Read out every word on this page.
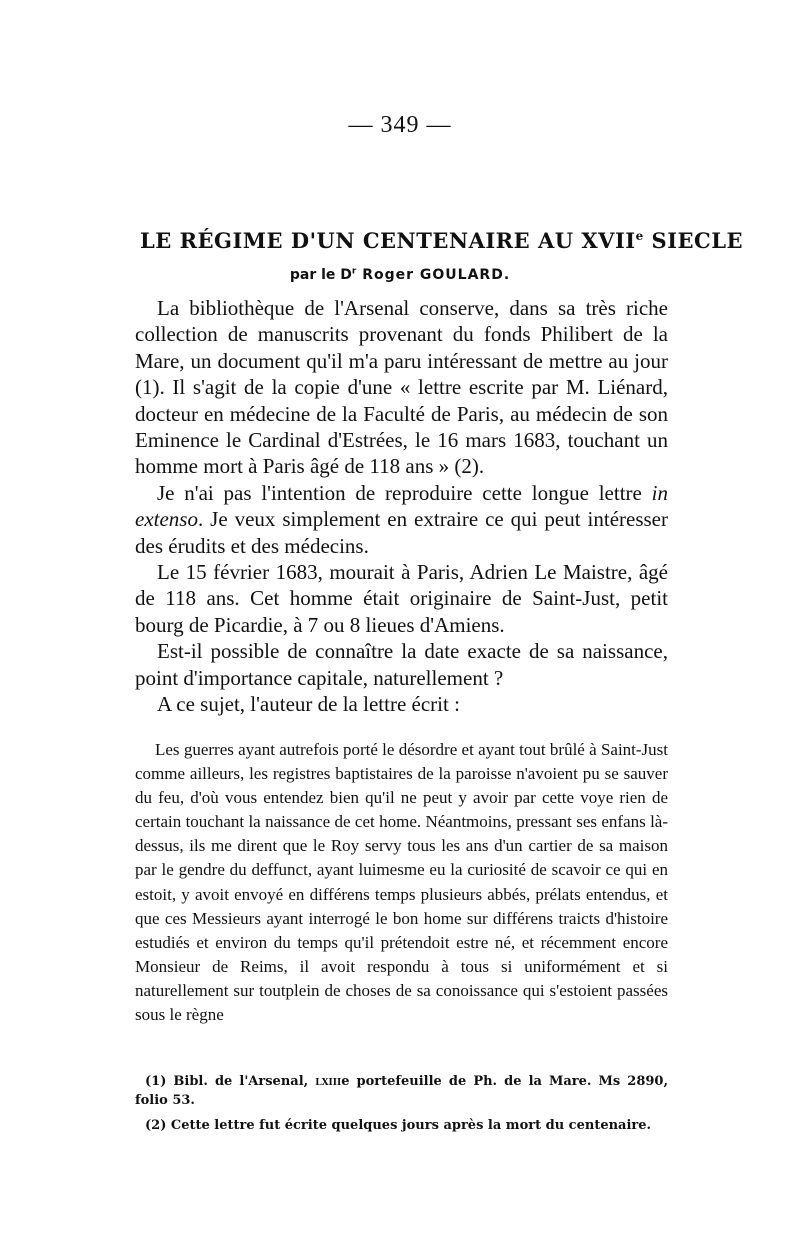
— 349 —
LE RÉGIME D'UN CENTENAIRE AU XVIIe SIECLE
par le $D^r$ Roger GOULARD.

La bibliothèque de l'Arsenal conserve, dans sa très riche collection de manuscrits provenant du fonds Philibert de la Mare, un document qu'il m'a paru intéressant de mettre au jour (1). Il s'agit de la copie d'une « lettre escrite par M. Liénard, docteur en médecine de la Faculté de Paris, au médecin de son Eminence le Cardinal d'Estrées, le 16 mars 1683, touchant un homme mort à Paris âgé de 118 ans » (2).

Je n'ai pas l'intention de reproduire cette longue lettre in extenso. Je veux simplement en extraire ce qui peut intéresser des érudits et des médecins.

Le 15 février 1683, mourait à Paris, Adrien Le Maistre, âgé de 118 ans. Cet homme était originaire de Saint-Just, petit bourg de Picardie, à 7 ou 8 lieues d'Amiens.

Est-il possible de connaître la date exacte de sa naissance, point d'importance capitale, naturellement ?

A ce sujet, l'auteur de la lettre écrit :

Les guerres ayant autrefois porté le désordre et ayant tout brûlé à Saint-Just comme ailleurs, les registres baptistaires de la paroisse n'avoient pu se sauver du feu, d'où vous entendez bien qu'il ne peut y avoir par cette voye rien de certain touchant la naissance de cet home. Néantmoins, pressant ses enfans là-dessus, ils me dirent que le Roy servy tous les ans d'un cartier de sa maison par le gendre du deffunct, ayant luimesme eu la curiosité de scavoir ce qui en estoit, y avoit envoyé en différens temps plusieurs abbés, prélats entendus, et que ces Messieurs ayant interrogé le bon home sur différens traicts d'histoire estudiés et environ du temps qu'il prétendoit estre né, et récemment encore Monsieur de Reims, il avoit respondu à tous si uniformément et si naturellement sur toutplein de choses de sa conoissance qui s'estoient passées sous le règne

(1) Bibl. de l'Arsenal, lxiiie portefeuille de Ph. de la Mare. Ms 2890, folio 53.

(2) Cette lettre fut écrite quelques jours après la mort du centenaire.
